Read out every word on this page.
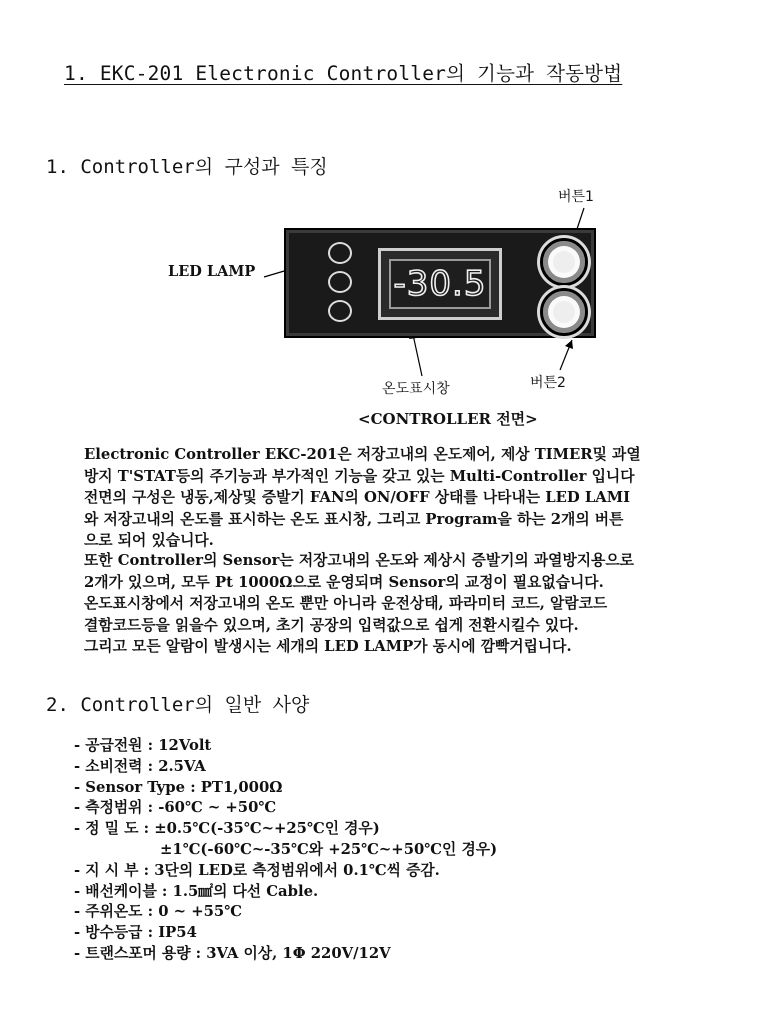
1. EKC-201 Electronic Controller의 기능과 작동방법
1. Controller의 구성과 특징
-30.5
버튼1
LED LAMP
버튼2
온도표시창
<CONTROLLER 전면>
Electronic Controller EKC-201은 저장고내의 온도제어, 제상 TIMER및 과열
방지 T'STAT등의 주기능과 부가적인 기능을 갖고 있는 Multi-Controller 입니다
전면의 구성은 냉동,제상및 증발기 FAN의 ON/OFF 상태를 나타내는 LED LAMI
와 저장고내의 온도를 표시하는 온도 표시창, 그리고 Program을 하는 2개의 버튼
으로 되어 있습니다.
또한 Controller의 Sensor는 저장고내의 온도와 제상시 증발기의 과열방지용으로
2개가 있으며, 모두 Pt 1000Ω으로 운영되며 Sensor의 교정이 필요없습니다.
온도표시창에서 저장고내의 온도 뿐만 아니라 운전상태, 파라미터 코드, 알람코드
결함코드등을 읽을수 있으며, 초기 공장의 입력값으로 쉽게 전환시킬수 있다.
그리고 모든 알람이 발생시는 세개의 LED LAMP가 동시에 깜빡거립니다.
2. Controller의 일반 사양
- 공급전원 : 12Volt
- 소비전력 : 2.5VA
- Sensor Type : PT1,000Ω
- 측정범위 : -60℃ ~ +50℃
- 정 밀 도 : ±0.5℃(-35℃~+25℃인 경우)
±1℃(-60℃~-35℃와 +25℃~+50℃인 경우)
- 지 시 부 : 3단의 LED로 측정범위에서 0.1℃씩 증감.
- 배선케이블 : 1.5㎟의 다선 Cable.
- 주위온도 : 0 ~ +55℃
- 방수등급 : IP54
- 트랜스포머 용량 : 3VA 이상, 1Φ 220V/12V
